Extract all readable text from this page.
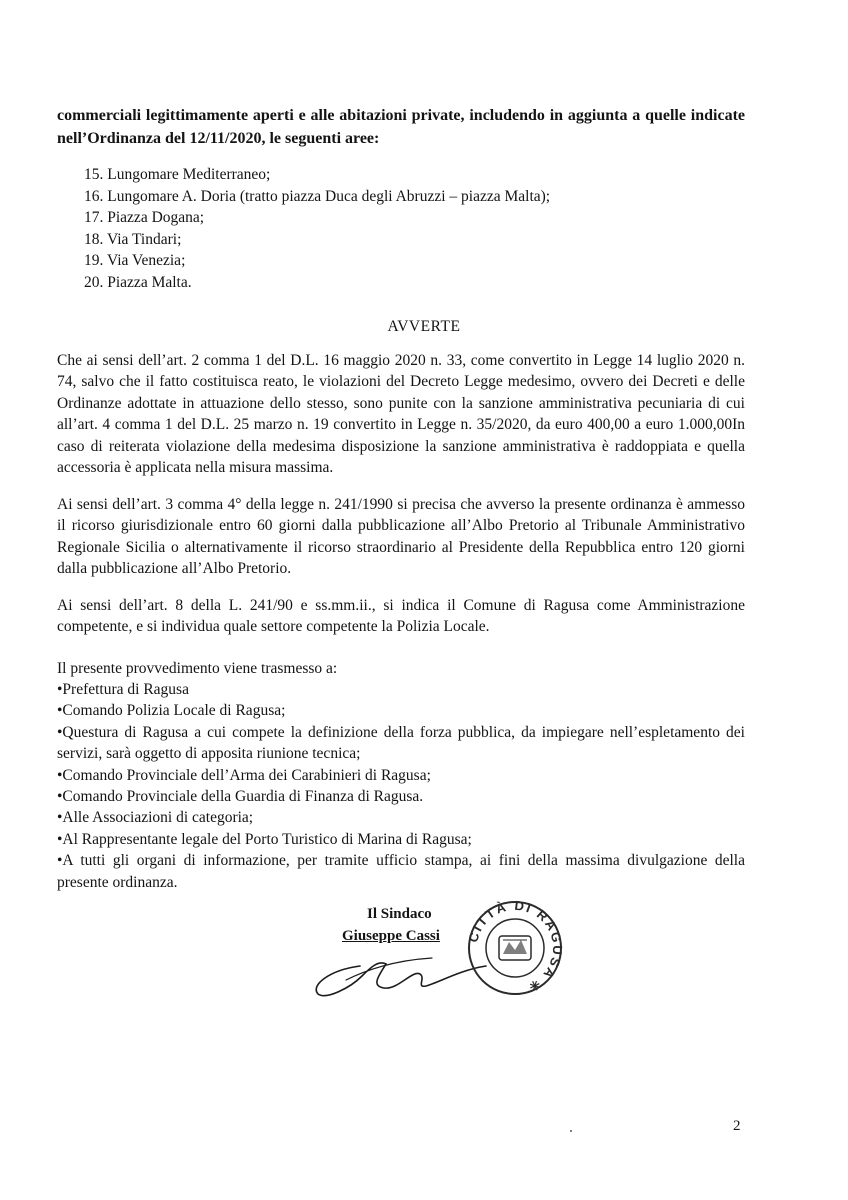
commerciali legittimamente aperti e alle abitazioni private, includendo in aggiunta a quelle indicate nell’Ordinanza del 12/11/2020, le seguenti aree:
15. Lungomare Mediterraneo;
16. Lungomare A. Doria (tratto piazza Duca degli Abruzzi – piazza Malta);
17. Piazza Dogana;
18. Via Tindari;
19. Via Venezia;
20. Piazza Malta.
AVVERTE

Che ai sensi dell’art. 2 comma 1 del D.L. 16 maggio 2020 n. 33, come convertito in Legge 14 luglio 2020 n. 74, salvo che il fatto costituisca reato, le violazioni del Decreto Legge medesimo, ovvero dei Decreti e delle Ordinanze adottate in attuazione dello stesso, sono punite con la sanzione amministrativa pecuniaria di cui all’art. 4 comma 1 del D.L. 25 marzo n. 19 convertito in Legge n. 35/2020, da euro 400,00 a euro 1.000,00In caso di reiterata violazione della medesima disposizione la sanzione amministrativa è raddoppiata e quella accessoria è applicata nella misura massima.

Ai sensi dell’art. 3 comma 4° della legge n. 241/1990 si precisa che avverso la presente ordinanza è ammesso il ricorso giurisdizionale entro 60 giorni dalla pubblicazione all’Albo Pretorio al Tribunale Amministrativo Regionale Sicilia o alternativamente il ricorso straordinario al Presidente della Repubblica entro 120 giorni dalla pubblicazione all’Albo Pretorio.

Ai sensi dell’art. 8 della L. 241/90 e ss.mm.ii., si indica il Comune di Ragusa come Amministrazione competente, e si individua quale settore competente la Polizia Locale.

Il presente provvedimento viene trasmesso a:

•Prefettura di Ragusa
•Comando Polizia Locale di Ragusa;
•Questura di Ragusa a cui compete la definizione della forza pubblica, da impiegare nell’espletamento dei servizi, sarà oggetto di apposita riunione tecnica;
•Comando Provinciale dell’Arma dei Carabinieri di Ragusa;
•Comando Provinciale della Guardia di Finanza di Ragusa.
•Alle Associazioni di categoria;
•Al Rappresentante legale del Porto Turistico di Marina di Ragusa;
•A tutti gli organi di informazione, per tramite ufficio stampa, ai fini della massima divulgazione della presente ordinanza.
Il Sindaco
Giuseppe Cassi CITTÀ DI RAGUSA ✳
2
